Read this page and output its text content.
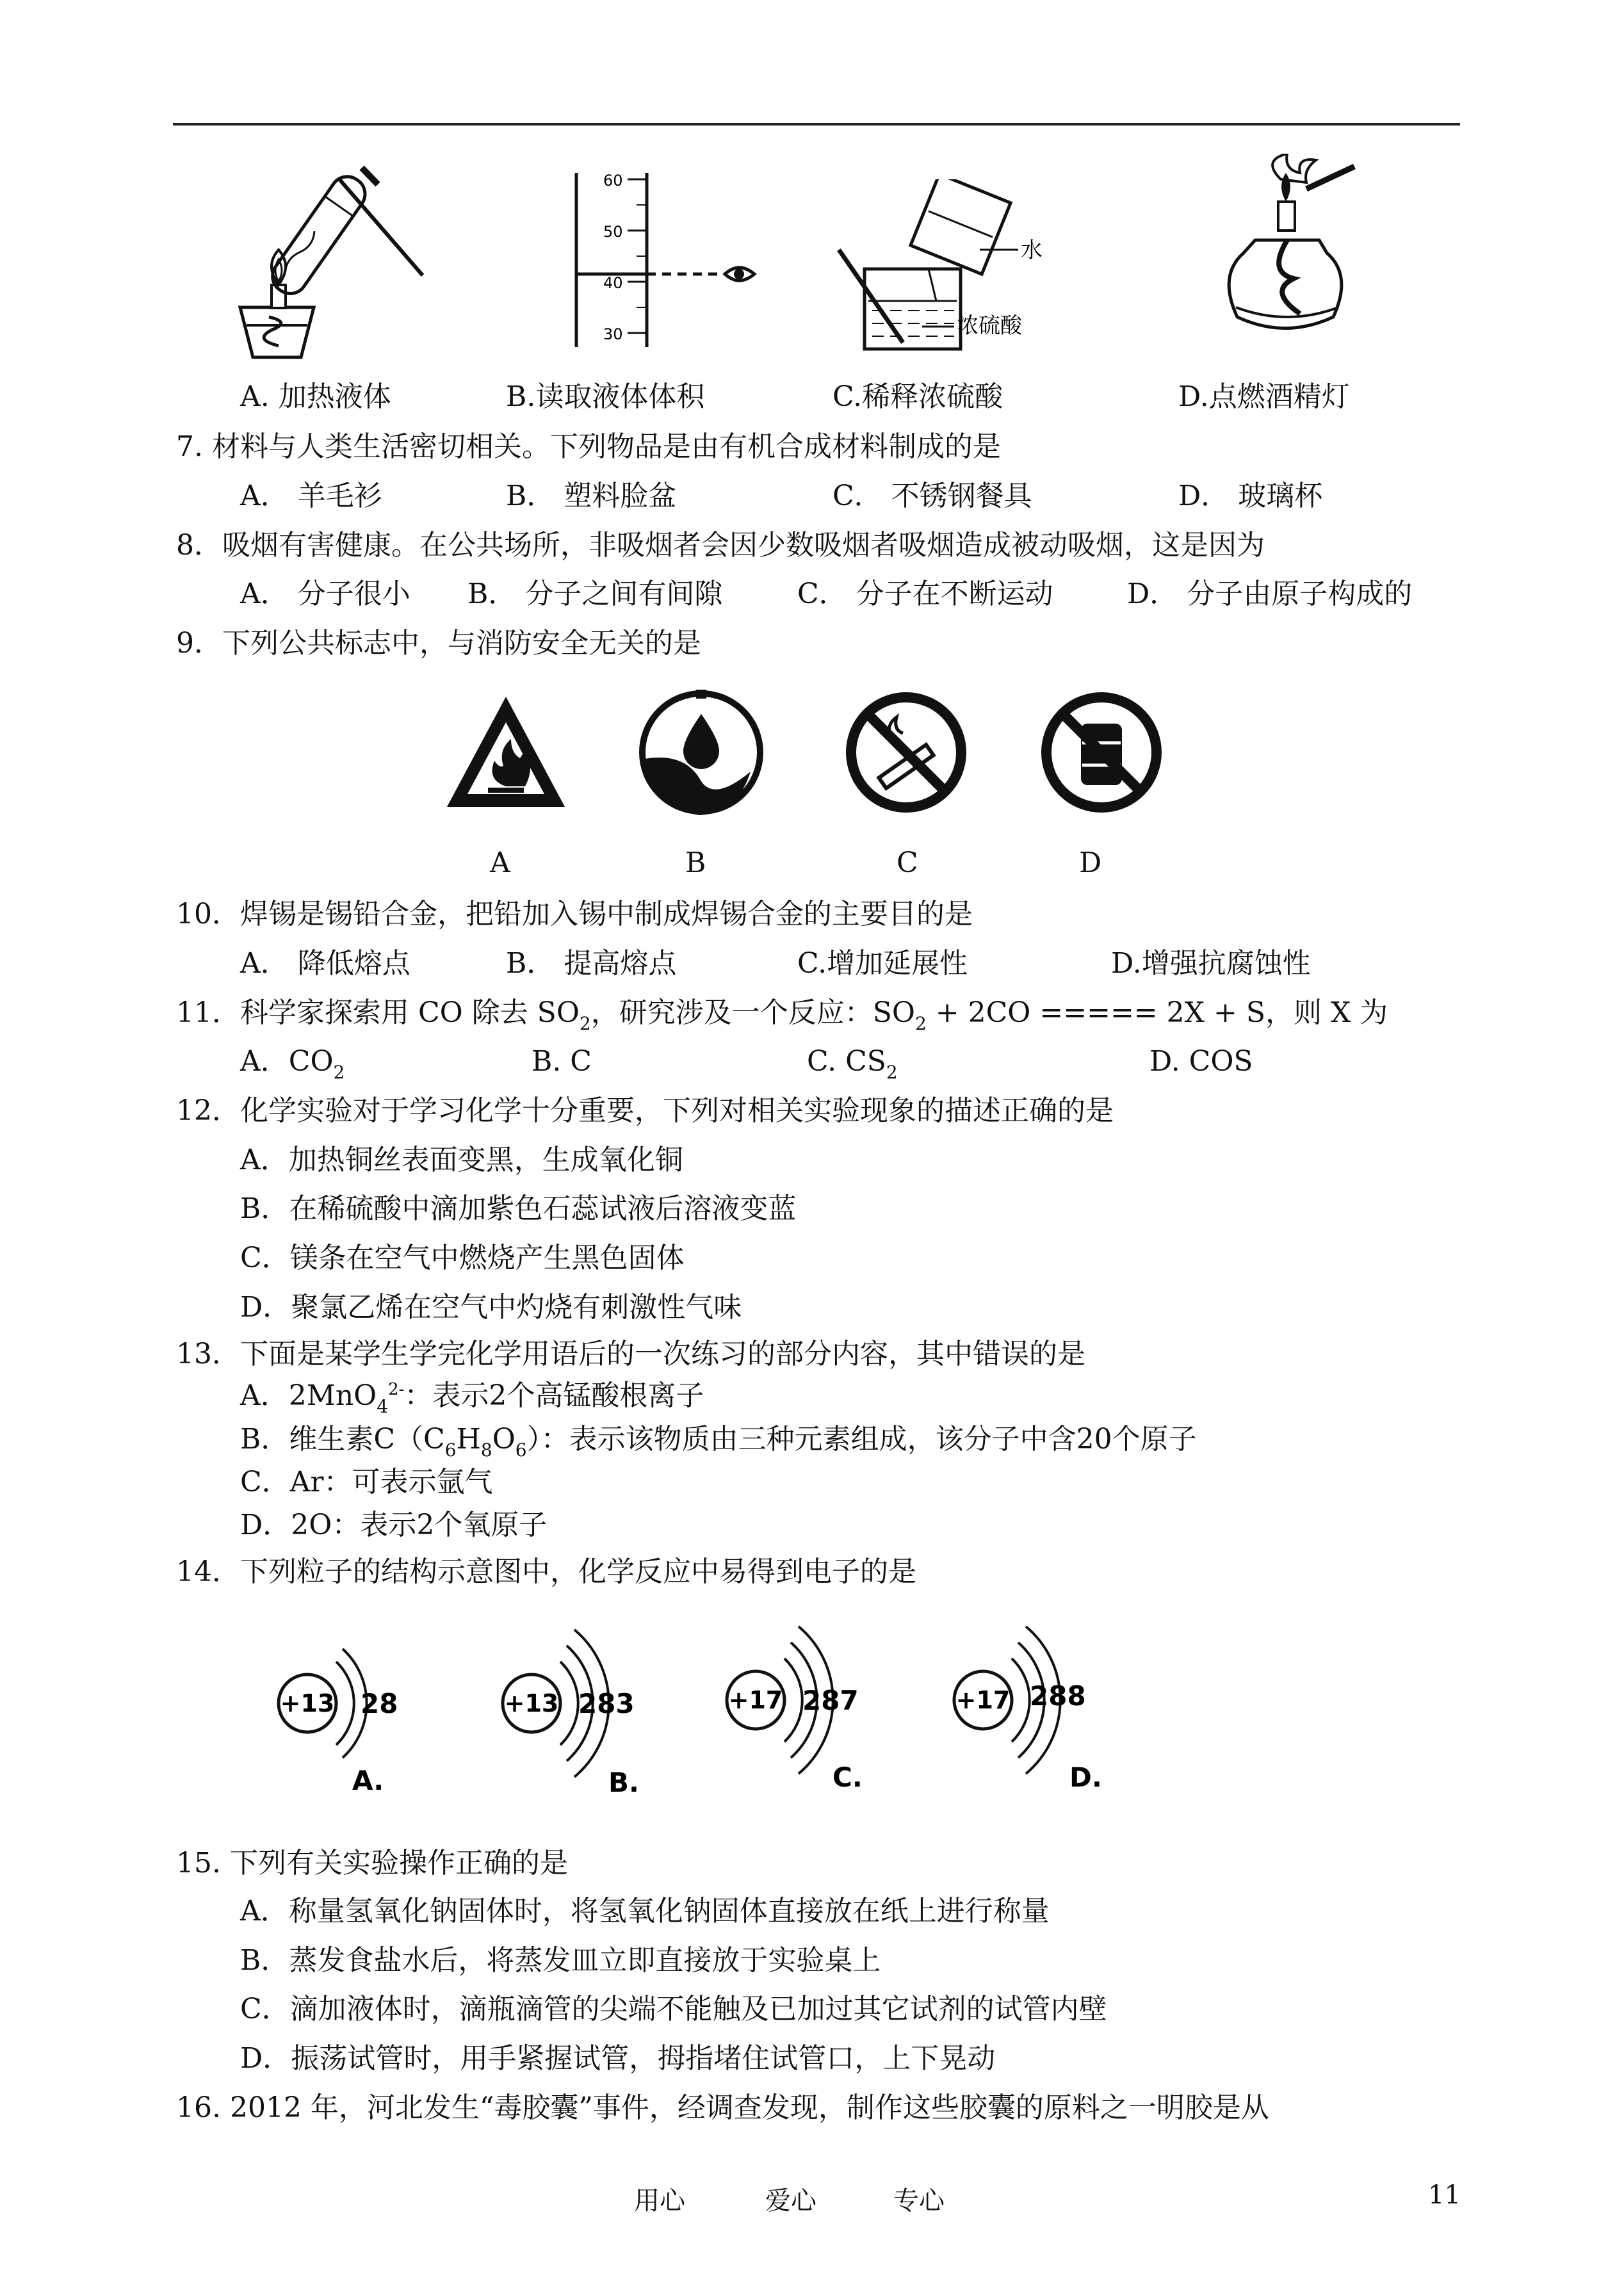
60
50
40
30
水
浓硫酸
A. 加热液体	B.读取液体体积	C.稀释浓硫酸	D.点燃酒精灯
7. 材料与人类生活密切相关。下列物品是由有机合成材料制成的是
A． 羊毛衫	B． 塑料脸盆	C． 不锈钢餐具	D． 玻璃杯
8．吸烟有害健康。在公共场所，非吸烟者会因少数吸烟者吸烟造成被动吸烟，这是因为
A． 分子很小 B． 分子之间有间隙	C． 分子在不断运动	D． 分子由原子构成的
9．下列公共标志中，与消防安全无关的是
A	B	C	D
10．焊锡是锡铅合金，把铅加入锡中制成焊锡合金的主要目的是
A． 降低熔点	B． 提高熔点	C.增加延展性	D.增强抗腐蚀性
11．科学家探索用 CO 除去 $SO_2$，研究涉及一个反应：$SO_2 + 2CO$ ===== 2X + S，则 X 为
A．$CO_2$	B. C	C. $CS_2$	D. COS
12．化学实验对于学习化学十分重要，下列对相关实验现象的描述正确的是
A．加热铜丝表面变黑，生成氧化铜
B．在稀硫酸中滴加紫色石蕊试液后溶液变蓝
C．镁条在空气中燃烧产生黑色固体
D．聚氯乙烯在空气中灼烧有刺激性气味
13．下面是某学生学完化学用语后的一次练习的部分内容，其中错误的是
A．2MnO$_4^{2-}$：表示2个高锰酸根离子
B．维生素$C(C_6H_8O_6)$：表示该物质由三种元素组成，该分子中含20个原子
C．Ar：可表示氩气
D．2O：表示2个氧原子
14．下列粒子的结构示意图中，化学反应中易得到电子的是
+13 28
A.
+13 283
B.
+17 287
C.
+17 288
D.
15. 下列有关实验操作正确的是
A．称量氢氧化钠固体时，将氢氧化钠固体直接放在纸上进行称量
B．蒸发食盐水后，将蒸发皿立即直接放于实验桌上
C．滴加液体时，滴瓶滴管的尖端不能触及已加过其它试剂的试管内壁
D．振荡试管时，用手紧握试管，拇指堵住试管口，上下晃动
16. 2012 年，河北发生“毒胶囊”事件，经调查发现，制作这些胶囊的原料之一明胶是从
用心	爱心	专心	11
